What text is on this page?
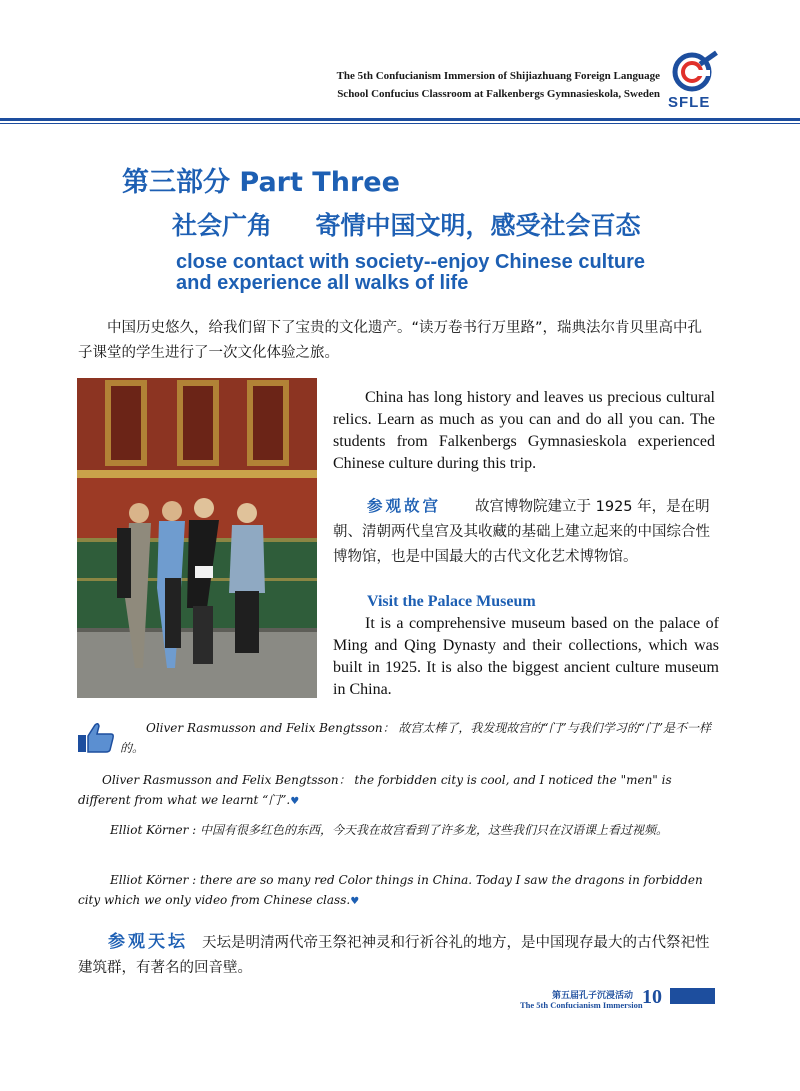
The 5th Confucianism Immersion of Shijiazhuang Foreign Language
School Confucius Classroom at Falkenbergs Gymnasieskola, Sweden SFLE
第三部分 Part Three
社会广角     寄情中国文明，感受社会百态
close contact with society--enjoy Chinese culture
and experience all walks of life
中国历史悠久，给我们留下了宝贵的文化遗产。“读万卷书行万里路”，瑞典法尔肯贝里高中孔子课堂的学生进行了一次文化体验之旅。
China has long history and leaves us precious cultural relics. Learn as much as you can and do all you can. The students from Falkenbergs Gymnasieskola experienced Chinese culture during this trip.
参观故宫 故宫博物院建立于 1925 年，是在明朝、清朝两代皇宫及其收藏的基础上建立起来的中国综合性博物馆，也是中国最大的古代文化艺术博物馆。
Visit the Palace Museum
It is a comprehensive museum based on the palace of Ming and Qing Dynasty and their collections, which was built in 1925. It is also the biggest ancient culture museum in China.
Oliver Rasmusson and Felix Bengtsson： 故宫太棒了，我发现故宫的“门”与我们学习的“门”是不一样的。
Oliver Rasmusson and Felix Bengtsson： the forbidden city is cool, and I noticed the "men" is different from what we learnt “门”.♥
Elliot Körner : 中国有很多红色的东西，今天我在故宫看到了许多龙，这些我们只在汉语课上看过视频。
Elliot Körner : there are so many red Color things in China. Today I saw the dragons in forbidden city which we only video from Chinese class.♥
参观天坛 天坛是明清两代帝王祭祀神灵和行祈谷礼的地方，是中国现存最大的古代祭祀性建筑群，有著名的回音壁。
第五届孔子沉浸活动
The 5th Confucianism Immersion 10
